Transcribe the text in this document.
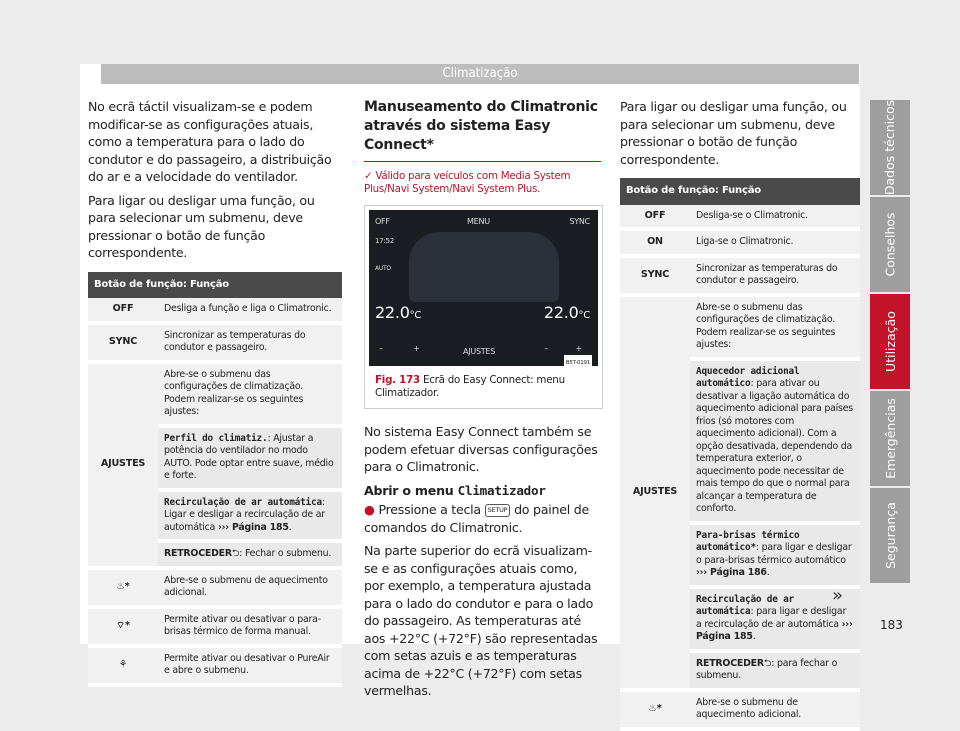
Climatização

No ecrã táctil visualizam-se e podem modificar-se as configurações atuais, como a temperatura para o lado do condutor e do passageiro, a distribuição do ar e a velocidade do ventilador.

Para ligar ou desligar uma função, ou para selecionar um submenu, deve pressionar o botão de função correspondente.

Botão de função: Função	
OFF	Desliga a função e liga o Climatronic.
SYNC	Sincronizar as temperaturas do condutor e passageiro.
AJUSTES	Abre-se o submenu das configurações de climatização. Podem realizar-se os seguintes ajustes:
	Perfil do climatiz.: Ajustar a potência do ventilador no modo AUTO. Pode optar entre suave, médio e forte.
	Recirculação de ar automática: Ligar e desligar a recirculação de ar automática ››› Página 185.
	RETROCEDER⮌: Fechar o submenu.
♨*	Abre-se o submenu de aquecimento adicional.
⌔*	Permite ativar ou desativar o para-brisas térmico de forma manual.
⚘	Permite ativar ou desativar o PureAir e abre o submenu.
Manuseamento do Climatronic através do sistema Easy Connect*
✓ Válido para veículos com Media System Plus/Navi System/Navi System Plus.
OFF	MENU	SYNC
17:52
AUTO
22.0°C	22.0°C
–	+	AJUSTES	–	+
B5T-0191
Fig. 173 Ecrã do Easy Connect: menu Climatizador.

No sistema Easy Connect também se podem efetuar diversas configurações para o Climatronic.

Abrir o menu Climatizador

● Pressione a tecla SETUP do painel de comandos do Climatronic.

Na parte superior do ecrã visualizam-se e as configurações atuais como, por exemplo, a temperatura ajustada para o lado do condutor e para o lado do passageiro. As temperaturas até aos +22°C (+72°F) são representadas com setas azuis e as temperaturas acima de +22°C (+72°F) com setas vermelhas.

Para ligar ou desligar uma função, ou para selecionar um submenu, deve pressionar o botão de função correspondente.

Botão de função: Função	
OFF	Desliga-se o Climatronic.
ON	Liga-se o Climatronic.
SYNC	Sincronizar as temperaturas do condutor e passageiro.
AJUSTES	Abre-se o submenu das configurações de climatização. Podem realizar-se os seguintes ajustes:
	Aquecedor adicional automático: para ativar ou desativar a ligação automática do aquecimento adicional para países frios (só motores com aquecimento adicional). Com a opção desativada, dependendo da temperatura exterior, o aquecimento pode necessitar de mais tempo do que o normal para alcançar a temperatura de conforto.
	Para-brisas térmico automático*: para ligar e desligar o para-brisas térmico automático ››› Página 186.
	Recirculação de ar automática: para ligar e desligar a recirculação de ar automática ››› Página 185.
	RETROCEDER⮌: para fechar o submenu.
♨*	Abre-se o submenu de aquecimento adicional.
»
Dados técnicos
Conselhos
Utilização
Emergências
Segurança
183
